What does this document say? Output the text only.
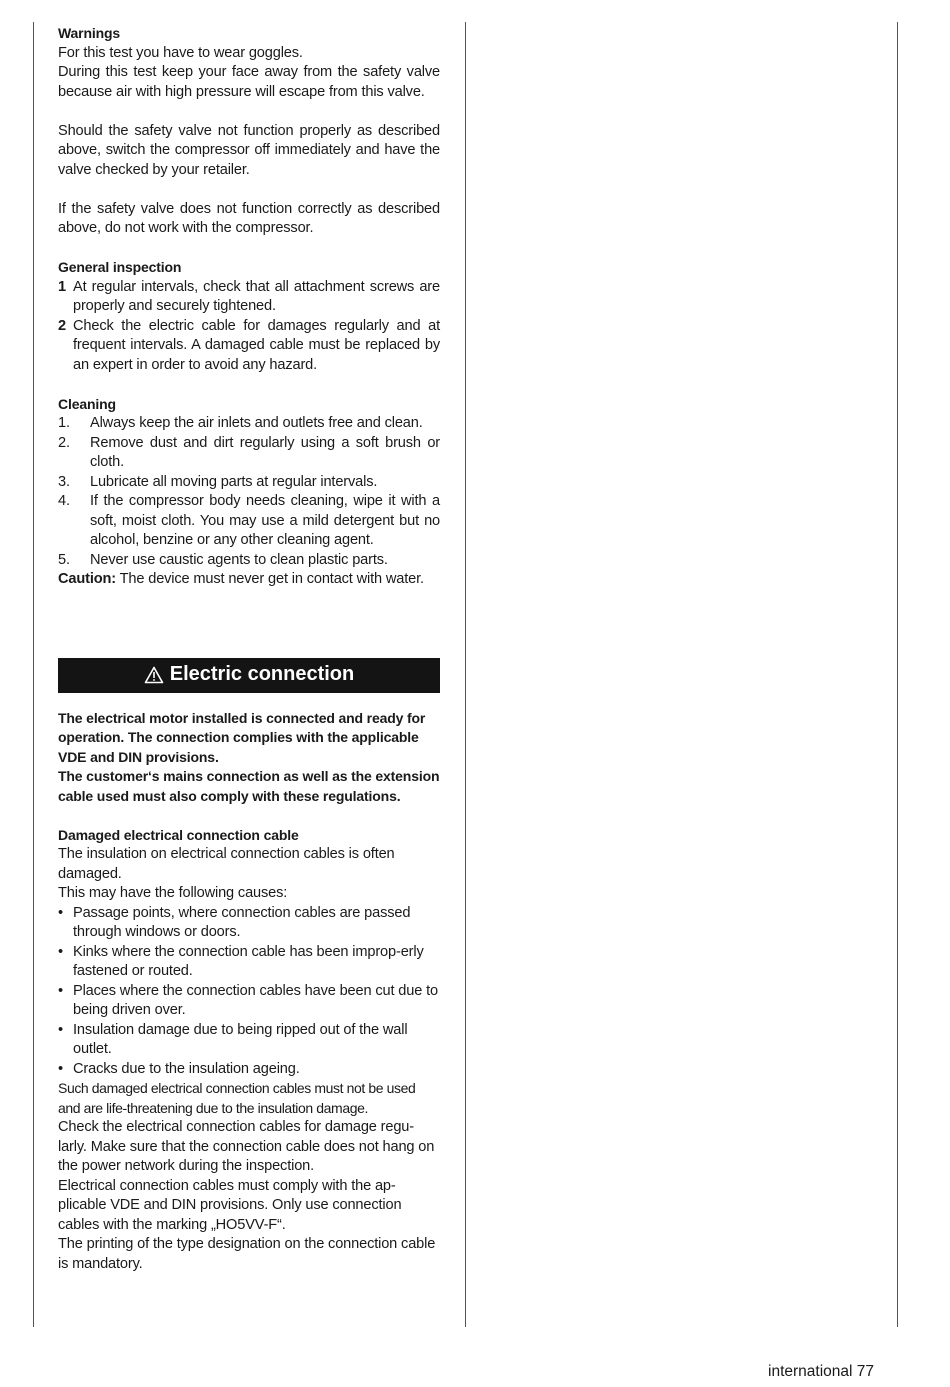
Warnings

For this test you have to wear goggles.

During this test keep your face away from the safety valve because air with high pressure will escape from this valve.

Should the safety valve not function properly as described above, switch the compressor off immediately and have the valve checked by your retailer.

If the safety valve does not function correctly as described above, do not work with the compressor.

General inspection

1 At regular intervals, check that all attachment screws are properly and securely tightened.
2 Check the electric cable for damages regularly and at frequent intervals. A damaged cable must be replaced by an expert in order to avoid any hazard.

Cleaning

1.	Always keep the air inlets and outlets free and clean.
2.	Remove dust and dirt regularly using a soft brush or cloth.
3.	Lubricate all moving parts at regular intervals.
4.	If the compressor body needs cleaning, wipe it with a soft, moist cloth. You may use a mild detergent but no alcohol, benzine or any other cleaning agent.
5.	Never use caustic agents to clean plastic parts.

Caution: The device must never get in contact with water.

Electric connection

The electrical motor installed is connected and ready for operation. The connection complies with the applicable VDE and DIN provisions.

The customer‘s mains connection as well as the extension cable used must also comply with these regulations.

Damaged electrical connection cable

The insulation on electrical connection cables is often damaged.

This may have the following causes:

• Passage points, where connection cables are passed through windows or doors.
• Kinks where the connection cable has been improp-erly fastened or routed.
• Places where the connection cables have been cut due to being driven over.
• Insulation damage due to being ripped out of the wall outlet.
• Cracks due to the insulation ageing.

Such damaged electrical connection cables must not be used and are life-threatening due to the insulation damage.

Check the electrical connection cables for damage regu-larly. Make sure that the connection cable does not hang on the power network during the inspection.

Electrical connection cables must comply with the ap-plicable VDE and DIN provisions. Only use connection cables with the marking „HO5VV-F“.

The printing of the type designation on the connection cable is mandatory.

international 77
